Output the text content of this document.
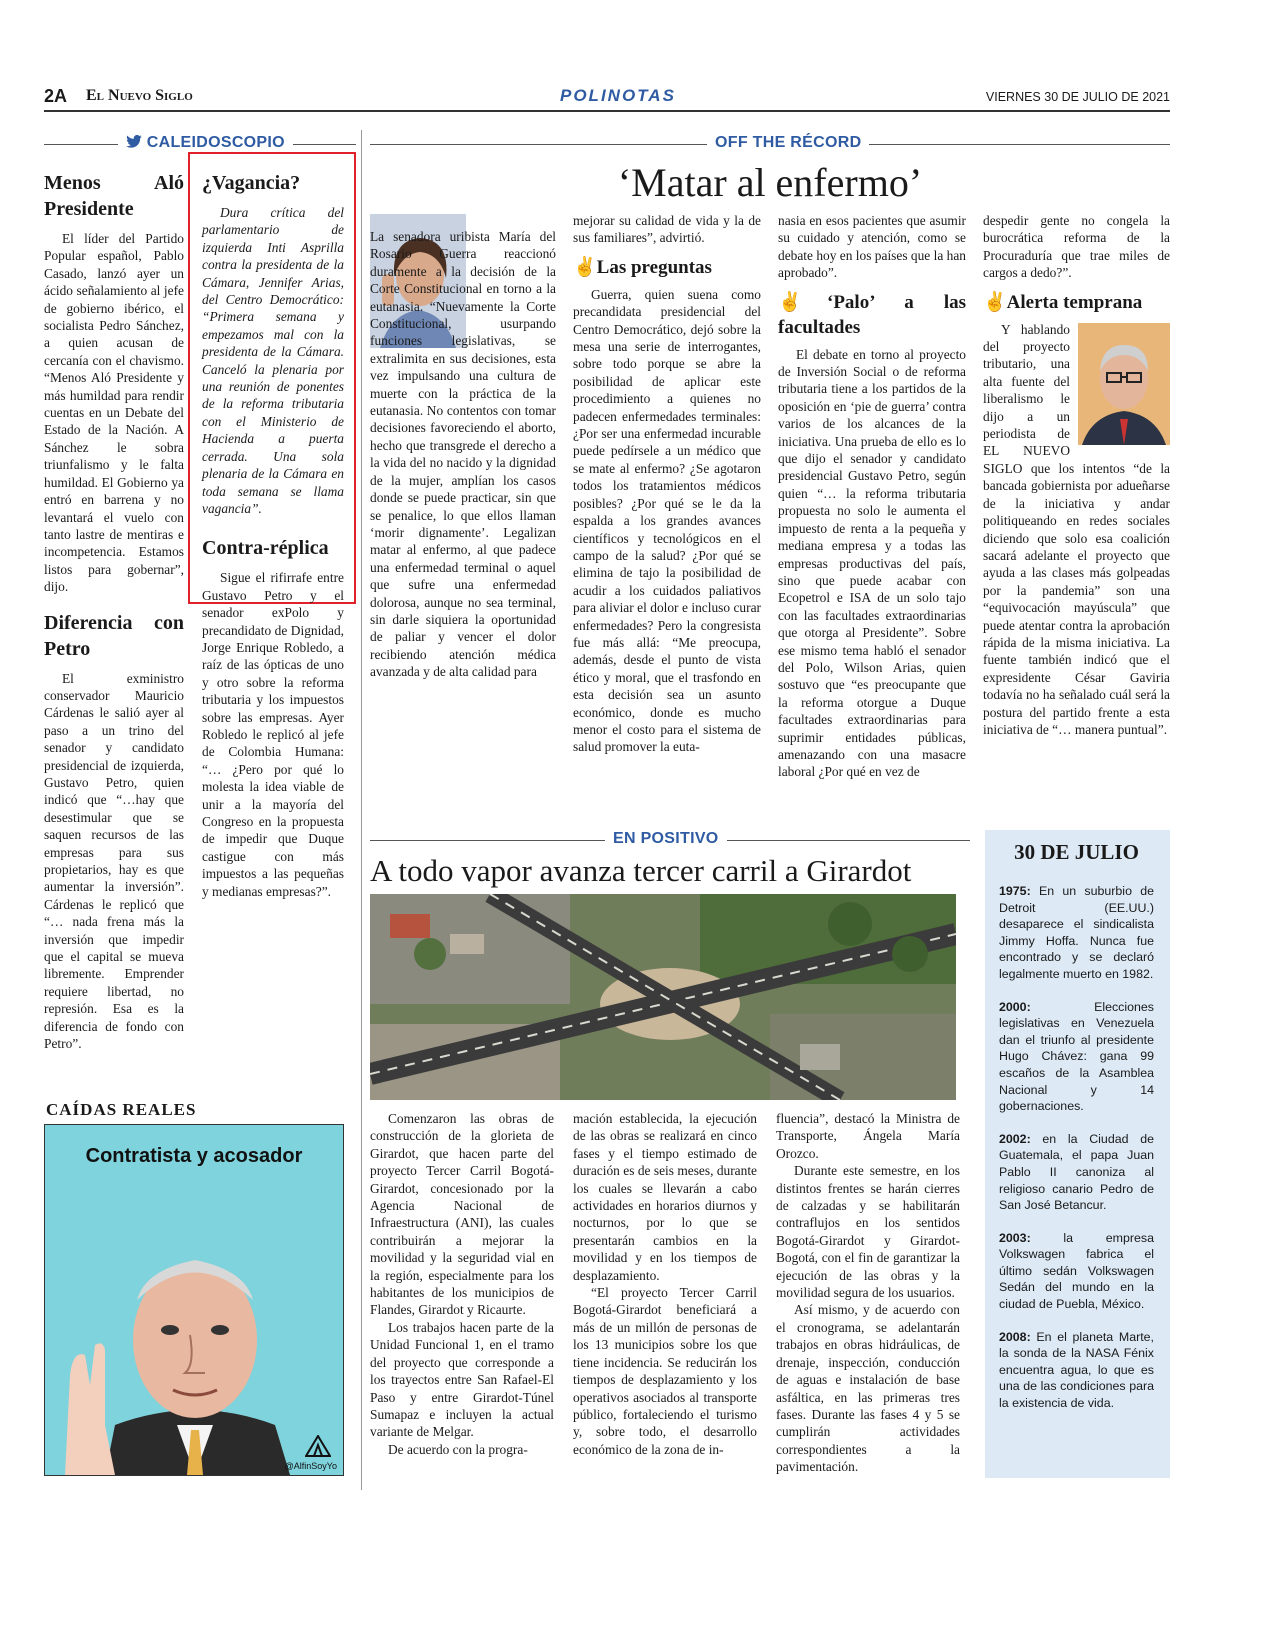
2A El Nuevo Siglo	POLINOTAS	VIERNES 30 DE JULIO DE 2021
CALEIDOSCOPIO
Menos Aló Presidente

El líder del Partido Popular español, Pablo Casado, lanzó ayer un ácido señalamiento al jefe de gobierno ibérico, el socialista Pedro Sánchez, a quien acusan de cercanía con el chavismo. “Menos Aló Presidente y más humildad para rendir cuentas en un Debate del Estado de la Nación. A Sánchez le sobra triunfalismo y le falta humildad. El Gobierno ya entró en barrena y no levantará el vuelo con tanto lastre de mentiras e incompetencia. Estamos listos para gobernar”, dijo.

Diferencia con Petro

El exministro conservador Mauricio Cárdenas le salió ayer al paso a un trino del senador y candidato presidencial de izquierda, Gustavo Petro, quien indicó que “…hay que desestimular que se saquen recursos de las empresas para sus propietarios, hay es que aumentar la inversión”. Cárdenas le replicó que “… nada frena más la inversión que impedir que el capital se mueva libremente. Emprender requiere libertad, no represión. Esa es la diferencia de fondo con Petro”.

¿Vagancia?

Dura crítica del parlamentario de izquierda Inti Asprilla contra la presidenta de la Cámara, Jennifer Arias, del Centro Democrático: “Primera semana y empezamos mal con la presidenta de la Cámara. Canceló la plenaria por una reunión de ponentes de la reforma tributaria con el Ministerio de Hacienda a puerta cerrada. Una sola plenaria de la Cámara en toda semana se llama vagancia”.

Contra-réplica

Sigue el rifirrafe entre Gustavo Petro y el senador exPolo y precandidato de Dignidad, Jorge Enrique Robledo, a raíz de las ópticas de uno y otro sobre la reforma tributaria y los impuestos sobre las empresas. Ayer Robledo le replicó al jefe de Colombia Humana: “… ¿Pero por qué lo molesta la idea viable de unir a la mayoría del Congreso en la propuesta de impedir que Duque castigue con más impuestos a las pequeñas y medianas empresas?”.

CAÍDAS REALES
Contratista y acosador
@AlfinSoyYo
OFF THE RÉCORD
‘Matar al enfermo’

La senadora uribista María del Rosario Guerra reaccionó duramente a la decisión de la Corte Constitucional en torno a la eutanasia. “Nuevamente la Corte Constitucional, usurpando funciones legislativas, se extralimita en sus decisiones, esta vez impulsando una cultura de muerte con la práctica de la eutanasia. No contentos con tomar decisiones favoreciendo el aborto, hecho que transgrede el derecho a la vida del no nacido y la dignidad de la mujer, amplían los casos donde se puede practicar, sin que se penalice, lo que ellos llaman ‘morir dignamente’. Legalizan matar al enfermo, al que padece una enfermedad terminal o aquel que sufre una enfermedad dolorosa, aunque no sea terminal, sin darle siquiera la oportunidad de paliar y vencer el dolor recibiendo atención médica avanzada y de alta calidad para
mejorar su calidad de vida y la de sus familiares”, advirtió.
✌Las preguntas

Guerra, quien suena como precandidata presidencial del Centro Democrático, dejó sobre la mesa una serie de interrogantes, sobre todo porque se abre la posibilidad de aplicar este procedimiento a quienes no padecen enfermedades terminales: ¿Por ser una enfermedad incurable puede pedírsele a un médico que se mate al enfermo? ¿Se agotaron todos los tratamientos médicos posibles? ¿Por qué se le da la espalda a los grandes avances científicos y tecnológicos en el campo de la salud? ¿Por qué se elimina de tajo la posibilidad de acudir a los cuidados paliativos para aliviar el dolor e incluso curar enfermedades? Pero la congresista fue más allá: “Me preocupa, además, desde el punto de vista ético y moral, que el trasfondo en esta decisión sea un asunto económico, donde es mucho menor el costo para el sistema de salud promover la euta-

nasia en esos pacientes que asumir su cuidado y atención, como se debate hoy en los países que la han aprobado”.
✌‘Palo’ a las facultades

El debate en torno al proyecto de Inversión Social o de reforma tributaria tiene a los partidos de la oposición en ‘pie de guerra’ contra varios de los alcances de la iniciativa. Una prueba de ello es lo que dijo el senador y candidato presidencial Gustavo Petro, según quien “… la reforma tributaria propuesta no solo le aumenta el impuesto de renta a la pequeña y mediana empresa y a todas las empresas productivas del país, sino que puede acabar con Ecopetrol e ISA de un solo tajo con las facultades extraordinarias que otorga al Presidente”. Sobre ese mismo tema habló el senador del Polo, Wilson Arias, quien sostuvo que “es preocupante que la reforma otorgue a Duque facultades extraordinarias para suprimir entidades públicas, amenazando con una masacre laboral ¿Por qué en vez de

despedir gente no congela la burocrática reforma de la Procuraduría que trae miles de cargos a dedo?”.
✌Alerta temprana

Y hablando del proyecto tributario, una alta fuente del liberalismo le dijo a un periodista de EL NUEVO SIGLO que los intentos “de la bancada gobiernista por adueñarse de la iniciativa y andar politiqueando en redes sociales diciendo que solo esa coalición sacará adelante el proyecto que ayuda a las clases más golpeadas por la pandemia” son una “equivocación mayúscula” que puede atentar contra la aprobación rápida de la misma iniciativa. La fuente también indicó que el expresidente César Gaviria todavía no ha señalado cuál será la postura del partido frente a esta iniciativa de “… manera puntual”.

EN POSITIVO
A todo vapor avanza tercer carril a Girardot

Comenzaron las obras de construcción de la glorieta de Girardot, que hacen parte del proyecto Tercer Carril Bogotá-Girardot, concesionado por la Agencia Nacional de Infraestructura (ANI), las cuales contribuirán a mejorar la movilidad y la seguridad vial en la región, especialmente para los habitantes de los municipios de Flandes, Girardot y Ricaurte.

Los trabajos hacen parte de la Unidad Funcional 1, en el tramo del proyecto que corresponde a los trayectos entre San Rafael-El Paso y entre Girardot-Túnel Sumapaz e incluyen la actual variante de Melgar.

De acuerdo con la progra-

mación establecida, la ejecución de las obras se realizará en cinco fases y el tiempo estimado de duración es de seis meses, durante los cuales se llevarán a cabo actividades en horarios diurnos y nocturnos, por lo que se presentarán cambios en la movilidad y en los tiempos de desplazamiento.

“El proyecto Tercer Carril Bogotá-Girardot beneficiará a más de un millón de personas de los 13 municipios sobre los que tiene incidencia. Se reducirán los tiempos de desplazamiento y los operativos asociados al transporte público, fortaleciendo el turismo y, sobre todo, el desarrollo económico de la zona de in-

fluencia”, destacó la Ministra de Transporte, Ángela María Orozco.

Durante este semestre, en los distintos frentes se harán cierres de calzadas y se habilitarán contraflujos en los sentidos Bogotá-Girardot y Girardot-Bogotá, con el fin de garantizar la ejecución de las obras y la movilidad segura de los usuarios.

Así mismo, y de acuerdo con el cronograma, se adelantarán trabajos en obras hidráulicas, de drenaje, inspección, conducción de aguas e instalación de base asfáltica, en las primeras tres fases. Durante las fases 4 y 5 se cumplirán actividades correspondientes a la pavimentación.

30 DE JULIO

1975: En un suburbio de Detroit (EE.UU.) desaparece el sindicalista Jimmy Hoffa. Nunca fue encontrado y se declaró legalmente muerto en 1982.

2000:	Elecciones legislativas en Venezuela dan el triunfo al presidente Hugo Chávez: gana 99 escaños de la Asamblea Nacional y 14 gobernaciones.

2002: en la Ciudad de Guatemala, el papa Juan Pablo II canoniza al religioso canario Pedro de San José Betancur.

2003:	la empresa Volkswagen fabrica el último sedán Volkswagen Sedán del mundo en la ciudad de Puebla, México.

2008: En el planeta Marte, la sonda de la NASA Fénix encuentra agua, lo que es una de las condiciones para la existencia de vida.
